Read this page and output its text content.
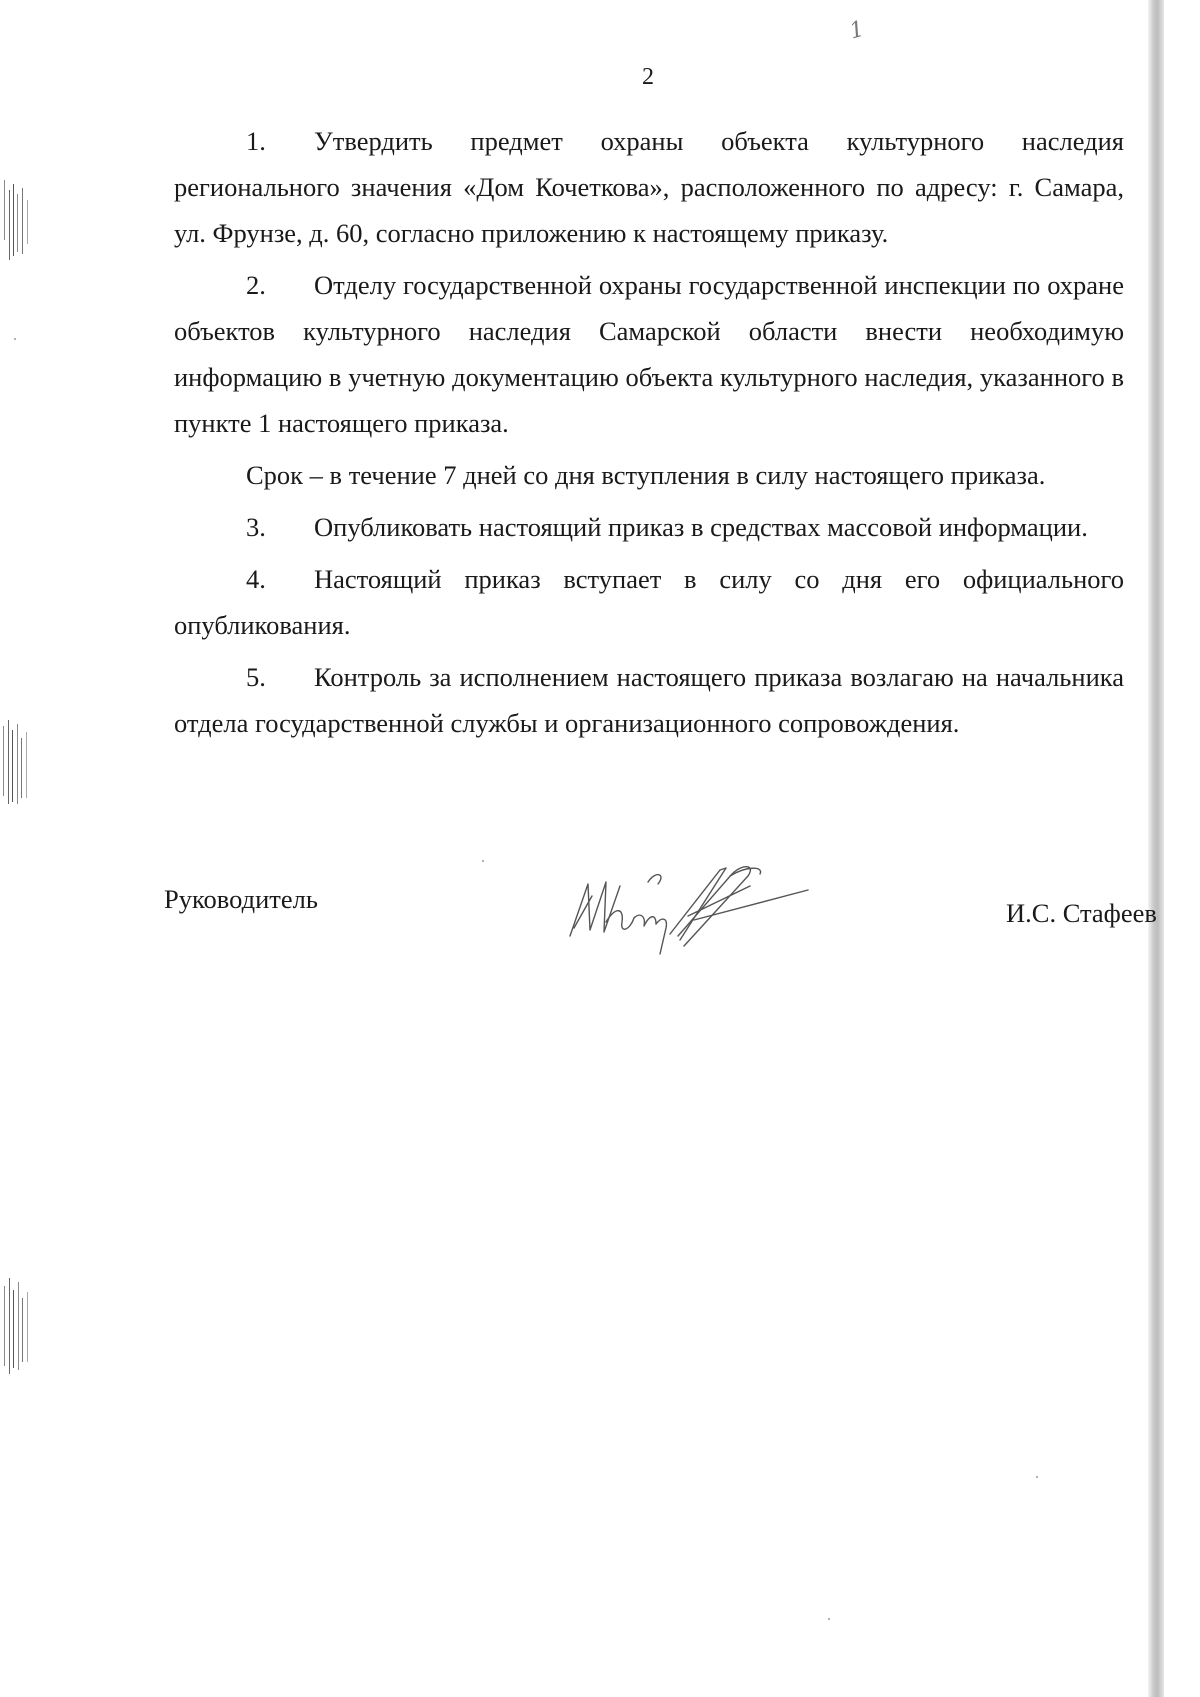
1
2

1. Утвердить предмет охраны объекта культурного наследия регионального значения «Дом Кочеткова», расположенного по адресу: г. Самара, ул. Фрунзе, д. 60, согласно приложению к настоящему приказу.

2. Отделу государственной охраны государственной инспекции по охране объектов культурного наследия Самарской области внести необходимую информацию в учетную документацию объекта культурного наследия, указанного в пункте 1 настоящего приказа.

Срок – в течение 7 дней со дня вступления в силу настоящего приказа.

3. Опубликовать настоящий приказ в средствах массовой информации.

4. Настоящий приказ вступает в силу со дня его официального опубликования.

5. Контроль за исполнением настоящего приказа возлагаю на начальника отдела государственной службы и организационного сопровождения.

Руководитель	И.С. Стафеев
